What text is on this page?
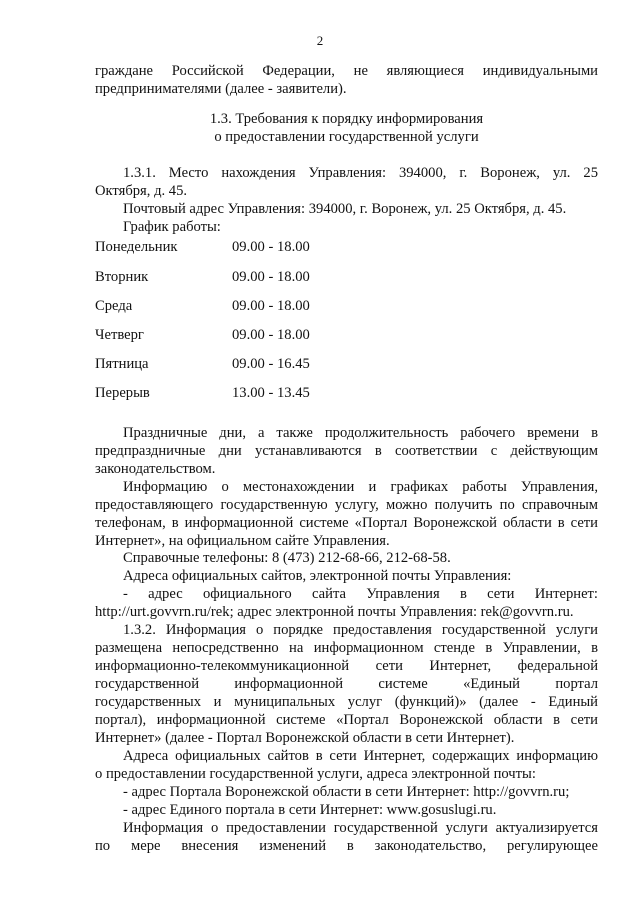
2
граждане Российской Федерации, не являющиеся индивидуальными
предпринимателями (далее - заявители).
1.3. Требования к порядку информирования
о предоставлении государственной услуги
1.3.1. Место нахождения Управления: 394000, г. Воронеж, ул. 25
Октября, д. 45.
Почтовый адрес Управления: 394000, г. Воронеж, ул. 25 Октября, д. 45.
График работы:
Понедельник	09.00 - 18.00
Вторник	09.00 - 18.00
Среда	09.00 - 18.00
Четверг	09.00 - 18.00
Пятница	09.00 - 16.45
Перерыв	13.00 - 13.45
Праздничные дни, а также продолжительность рабочего времени в
предпраздничные дни устанавливаются в соответствии с действующим
законодательством.
Информацию о местонахождении и графиках работы Управления,
предоставляющего государственную услугу, можно получить по справочным
телефонам, в информационной системе «Портал Воронежской области в сети
Интернет», на официальном сайте Управления.
Справочные телефоны: 8 (473) 212-68-66, 212-68-58.
Адреса официальных сайтов, электронной почты Управления:
- адрес официального сайта Управления в сети Интернет:
http://urt.govvrn.ru/rek; адрес электронной почты Управления: rek@govvrn.ru.
1.3.2. Информация о порядке предоставления государственной услуги
размещена непосредственно на информационном стенде в Управлении, в
информационно-телекоммуникационной сети Интернет, федеральной
государственной информационной системе «Единый портал
государственных и муниципальных услуг (функций)» (далее - Единый
портал), информационной системе «Портал Воронежской области в сети
Интернет» (далее - Портал Воронежской области в сети Интернет).
Адреса официальных сайтов в сети Интернет, содержащих информацию
о предоставлении государственной услуги, адреса электронной почты:
- адрес Портала Воронежской области в сети Интернет: http://govvrn.ru;
- адрес Единого портала в сети Интернет: www.gosuslugi.ru.
Информация о предоставлении государственной услуги актуализируется
по мере внесения изменений в законодательство, регулирующее
